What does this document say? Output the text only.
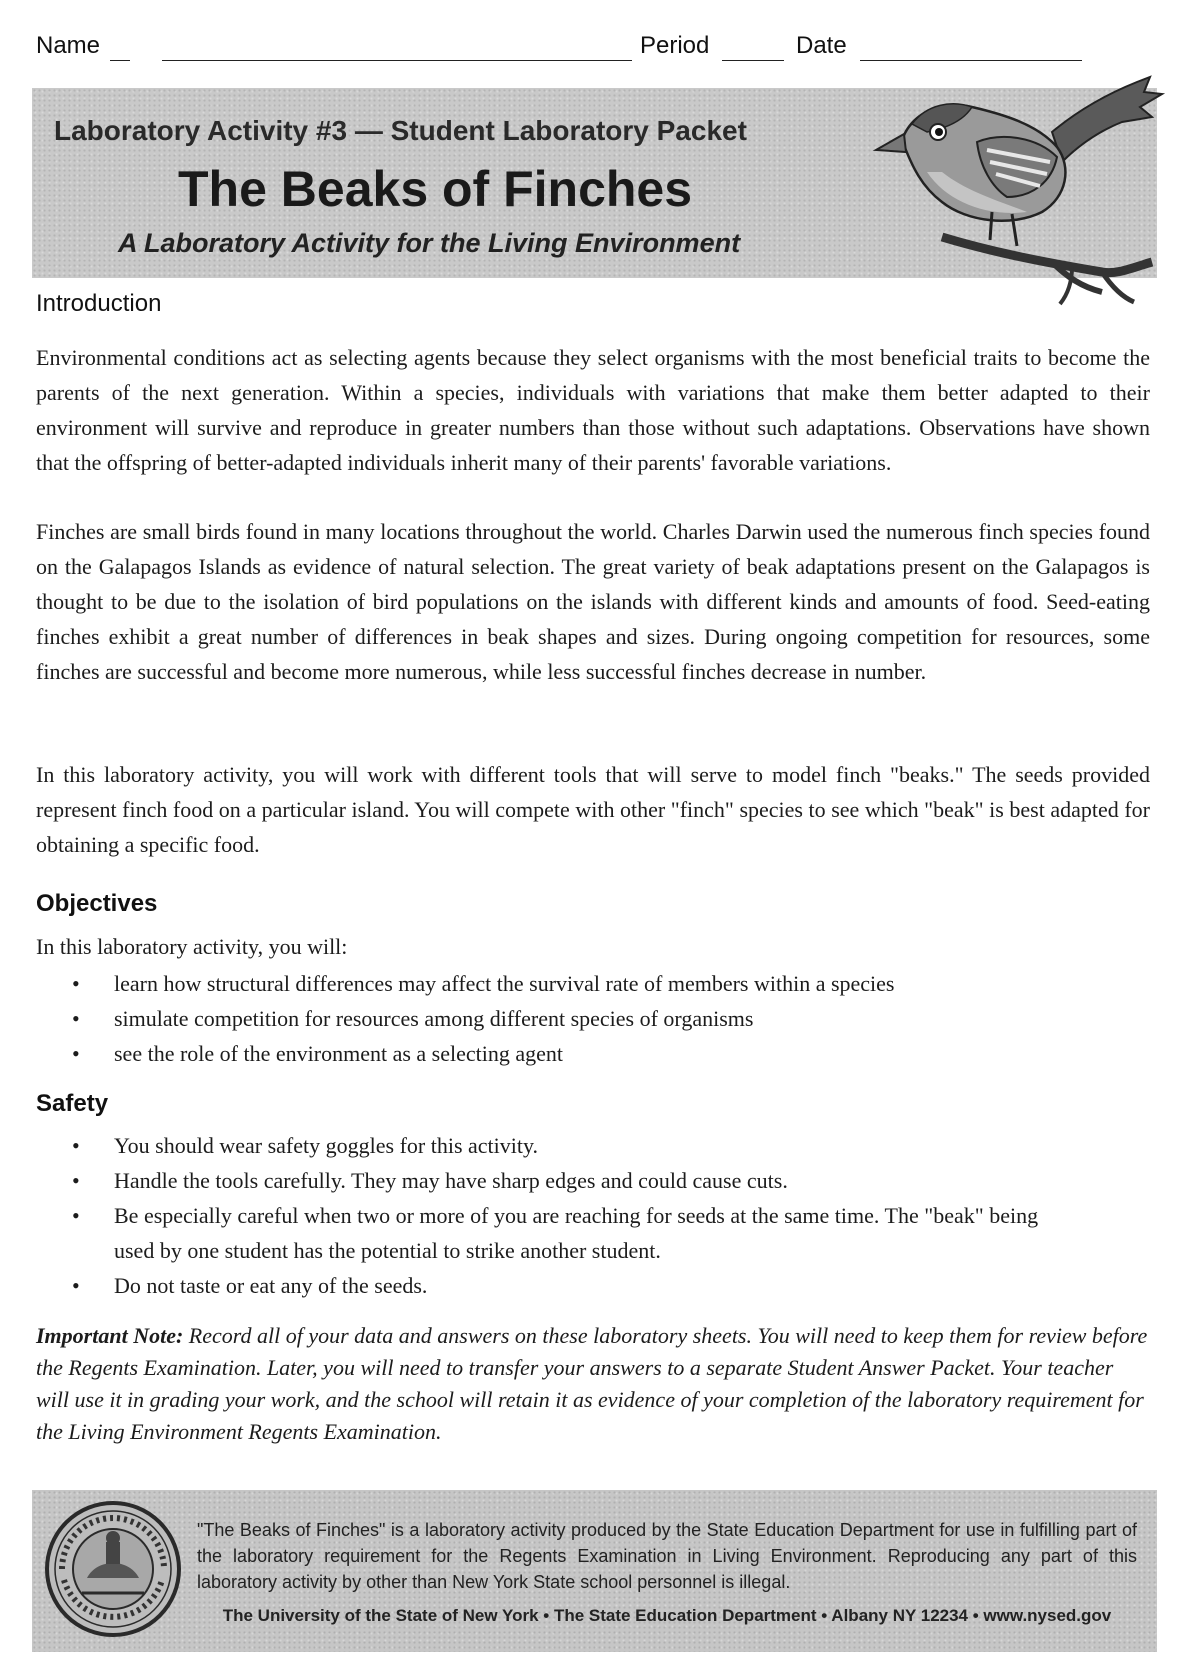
Name	Period	Date
Laboratory Activity #3 — Student Laboratory Packet
The Beaks of Finches
A Laboratory Activity for the Living Environment
Introduction

Environmental conditions act as selecting agents because they select organisms with the most beneficial traits to become the parents of the next generation. Within a species, individuals with variations that make them better adapted to their environment will survive and reproduce in greater numbers than those without such adaptations. Observations have shown that the offspring of better-adapted individuals inherit many of their parents' favorable variations.

Finches are small birds found in many locations throughout the world. Charles Darwin used the numerous finch species found on the Galapagos Islands as evidence of natural selection. The great variety of beak adaptations present on the Galapagos is thought to be due to the isolation of bird populations on the islands with different kinds and amounts of food. Seed-eating finches exhibit a great number of differences in beak shapes and sizes. During ongoing competition for resources, some finches are successful and become more numerous, while less successful finches decrease in number.

In this laboratory activity, you will work with different tools that will serve to model finch "beaks." The seeds provided represent finch food on a particular island. You will compete with other "finch" species to see which "beak" is best adapted for obtaining a specific food.

Objectives
In this laboratory activity, you will:
• learn how structural differences may affect the survival rate of members within a species
• simulate competition for resources among different species of organisms
• see the role of the environment as a selecting agent
Safety
• You should wear safety goggles for this activity.
• Handle the tools carefully. They may have sharp edges and could cause cuts.
• Be especially careful when two or more of you are reaching for seeds at the same time. The "beak" being used by one student has the potential to strike another student.
• Do not taste or eat any of the seeds.

Important Note: Record all of your data and answers on these laboratory sheets. You will need to keep them for review before the Regents Examination. Later, you will need to transfer your answers to a separate Student Answer Packet. Your teacher will use it in grading your work, and the school will retain it as evidence of your completion of the laboratory requirement for the Living Environment Regents Examination.

"The Beaks of Finches" is a laboratory activity produced by the State Education Department for use in fulfilling part of the laboratory requirement for the Regents Examination in Living Environment. Reproducing any part of this laboratory activity by other than New York State school personnel is illegal.

The University of the State of New York • The State Education Department • Albany NY 12234 • www.nysed.gov
